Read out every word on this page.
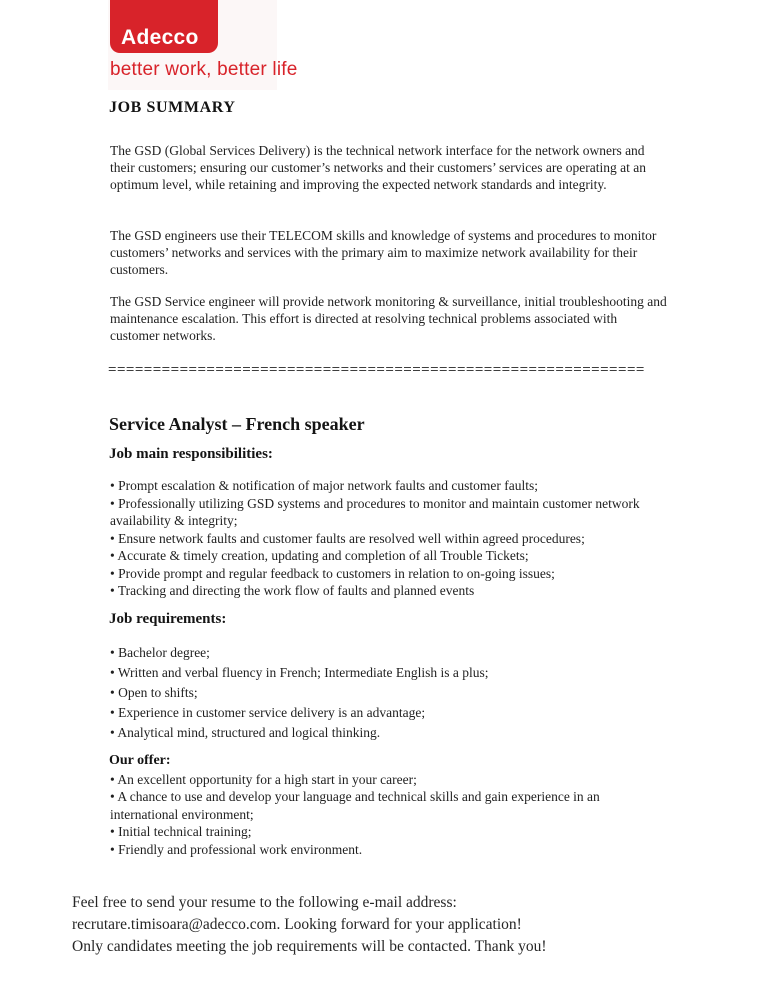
Adecco
better work, better life
JOB SUMMARY
The GSD (Global Services Delivery) is the technical network interface for the network owners and their customers; ensuring our customer’s networks and their customers’ services are operating at an optimum level, while retaining and improving the expected network standards and integrity.
The GSD engineers use their TELECOM skills and knowledge of systems and procedures to monitor customers’ networks and services with the primary aim to maximize network availability for their customers.
The GSD Service engineer will provide network monitoring & surveillance, initial troubleshooting and maintenance escalation. This effort is directed at resolving technical problems associated with customer networks.
============================================================
Service Analyst – French speaker
Job main responsibilities:
• Prompt escalation & notification of major network faults and customer faults;
• Professionally utilizing GSD systems and procedures to monitor and maintain customer network availability & integrity;
• Ensure network faults and customer faults are resolved well within agreed procedures;
• Accurate & timely creation, updating and completion of all Trouble Tickets;
• Provide prompt and regular feedback to customers in relation to on-going issues;
• Tracking and directing the work flow of faults and planned events
Job requirements:
• Bachelor degree;
• Written and verbal fluency in French; Intermediate English is a plus;
• Open to shifts;
• Experience in customer service delivery is an advantage;
• Analytical mind, structured and logical thinking.
Our offer:
• An excellent opportunity for a high start in your career;
• A chance to use and develop your language and technical skills and gain experience in an international environment;
• Initial technical training;
• Friendly and professional work environment.
Feel free to send your resume to the following e-mail address:
recrutare.timisoara@adecco.com. Looking forward for your application!
Only candidates meeting the job requirements will be contacted. Thank you!
